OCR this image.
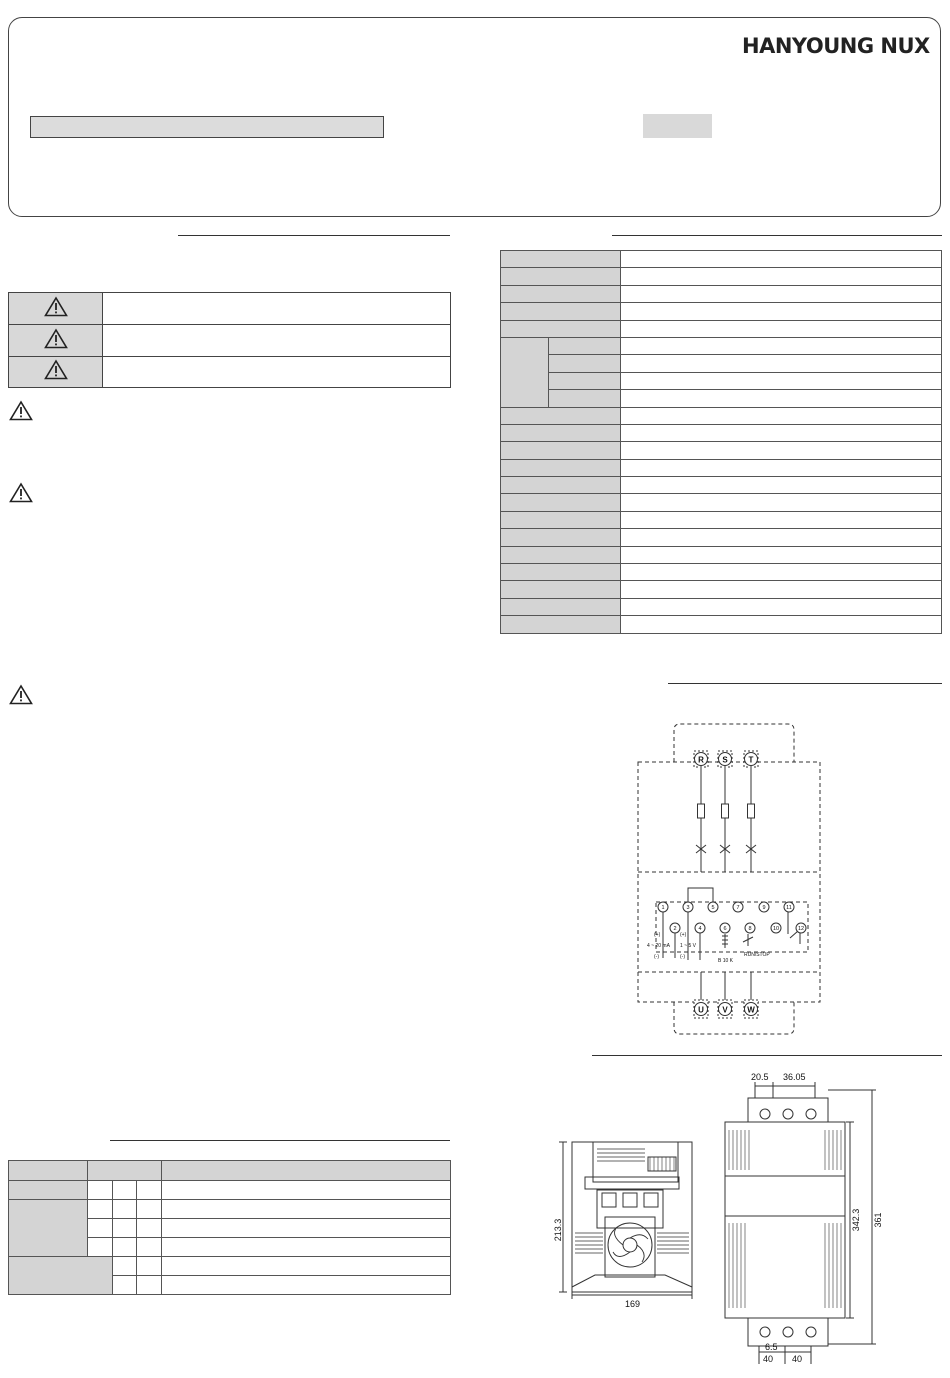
HANYOUNG NUX

R S	T
U V W
1
2
3
4
5
6
7
8
9
10
11
12
(+)
4 ~ 20 mA
(-)
(+)
1 ~ 5 V
(-)
B 10 K
RUN/STOP
169
213.3
20.5 36.05
342.3 361
6.5
40 40
